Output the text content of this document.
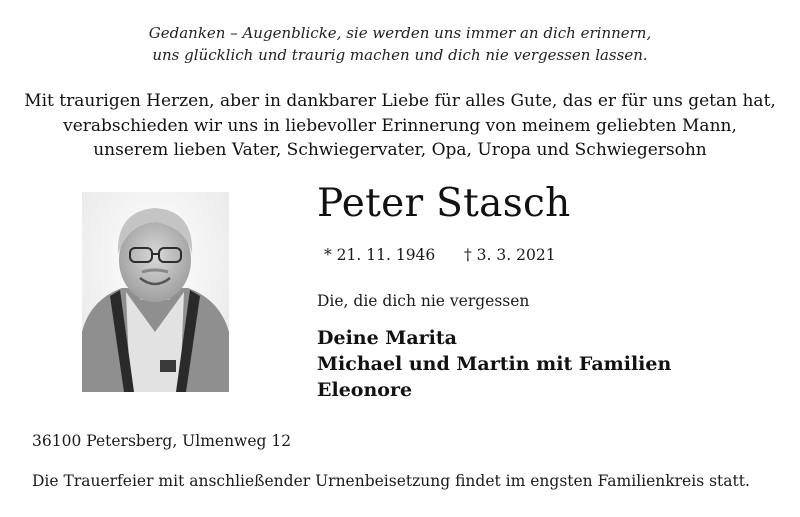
Gedanken – Augenblicke, sie werden uns immer an dich erinnern,
uns glücklich und traurig machen und dich nie vergessen lassen.
Mit traurigen Herzen, aber in dankbarer Liebe für alles Gute, das er für uns getan hat,
verabschieden wir uns in liebevoller Erinnerung von meinem geliebten Mann,
unserem lieben Vater, Schwiegervater, Opa, Uropa und Schwiegersohn
Peter Stasch
* 21. 11. 1946 † 3. 3. 2021
Die, die dich nie vergessen
Deine Marita
Michael und Martin mit Familien
Eleonore
36100 Petersberg, Ulmenweg 12
Die Trauerfeier mit anschließender Urnenbeisetzung findet im engsten Familienkreis statt.
